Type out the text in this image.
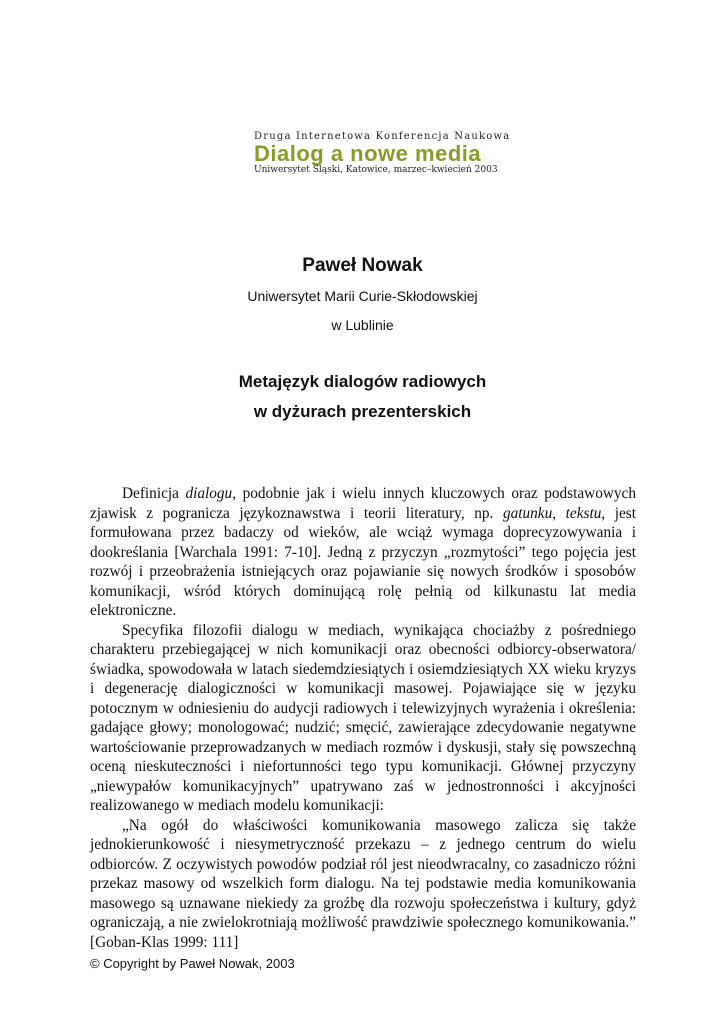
Druga Internetowa Konferencja Naukowa
Dialog a nowe media
Uniwersytet Śląski, Katowice, marzec–kwiecień 2003
Paweł Nowak
Uniwersytet Marii Curie-Skłodowskiej
w Lublinie
Metajęzyk dialogów radiowych
w dyżurach prezenterskich

Definicja dialogu, podobnie jak i wielu innych kluczowych oraz podstawowych zjawisk z pogranicza językoznawstwa i teorii literatury, np. gatunku, tekstu, jest formułowana przez badaczy od wieków, ale wciąż wymaga doprecyzowywania i dookreślania [Warchala 1991: 7-10]. Jedną z przyczyn „rozmytości” tego pojęcia jest rozwój i przeobrażenia istniejących oraz pojawianie się nowych środków i sposobów komunikacji, wśród których dominującą rolę pełnią od kilkunastu lat media elektroniczne.

Specyfika filozofii dialogu w mediach, wynikająca chociażby z pośredniego charakteru przebiegającej w nich komunikacji oraz obecności odbiorcy-obserwatora/świadka, spowodowała w latach siedemdziesiątych i osiemdziesiątych XX wieku kryzys i degenerację dialogiczności w komunikacji masowej. Pojawiające się w języku potocznym w odniesieniu do audycji radiowych i telewizyjnych wyrażenia i określenia: gadające głowy; monologować; nudzić; smęcić, zawierające zdecydowanie negatywne wartościowanie przeprowadzanych w mediach rozmów i dyskusji, stały się powszechną oceną nieskuteczności i niefortunności tego typu komunikacji. Głównej przyczyny „niewypałów komunikacyjnych” upatrywano zaś w jednostronności i akcyjności realizowanego w mediach modelu komunikacji:

„Na ogół do właściwości komunikowania masowego zalicza się także jednokierunkowość i niesymetryczność przekazu – z jednego centrum do wielu odbiorców. Z oczywistych powodów podział ról jest nieodwracalny, co zasadniczo różni przekaz masowy od wszelkich form dialogu. Na tej podstawie media komunikowania masowego są uznawane niekiedy za groźbę dla rozwoju społeczeństwa i kultury, gdyż ograniczają, a nie zwielokrotniają możliwość prawdziwie społecznego komunikowania.” [Goban-Klas 1999: 111]

© Copyright by Paweł Nowak, 2003
